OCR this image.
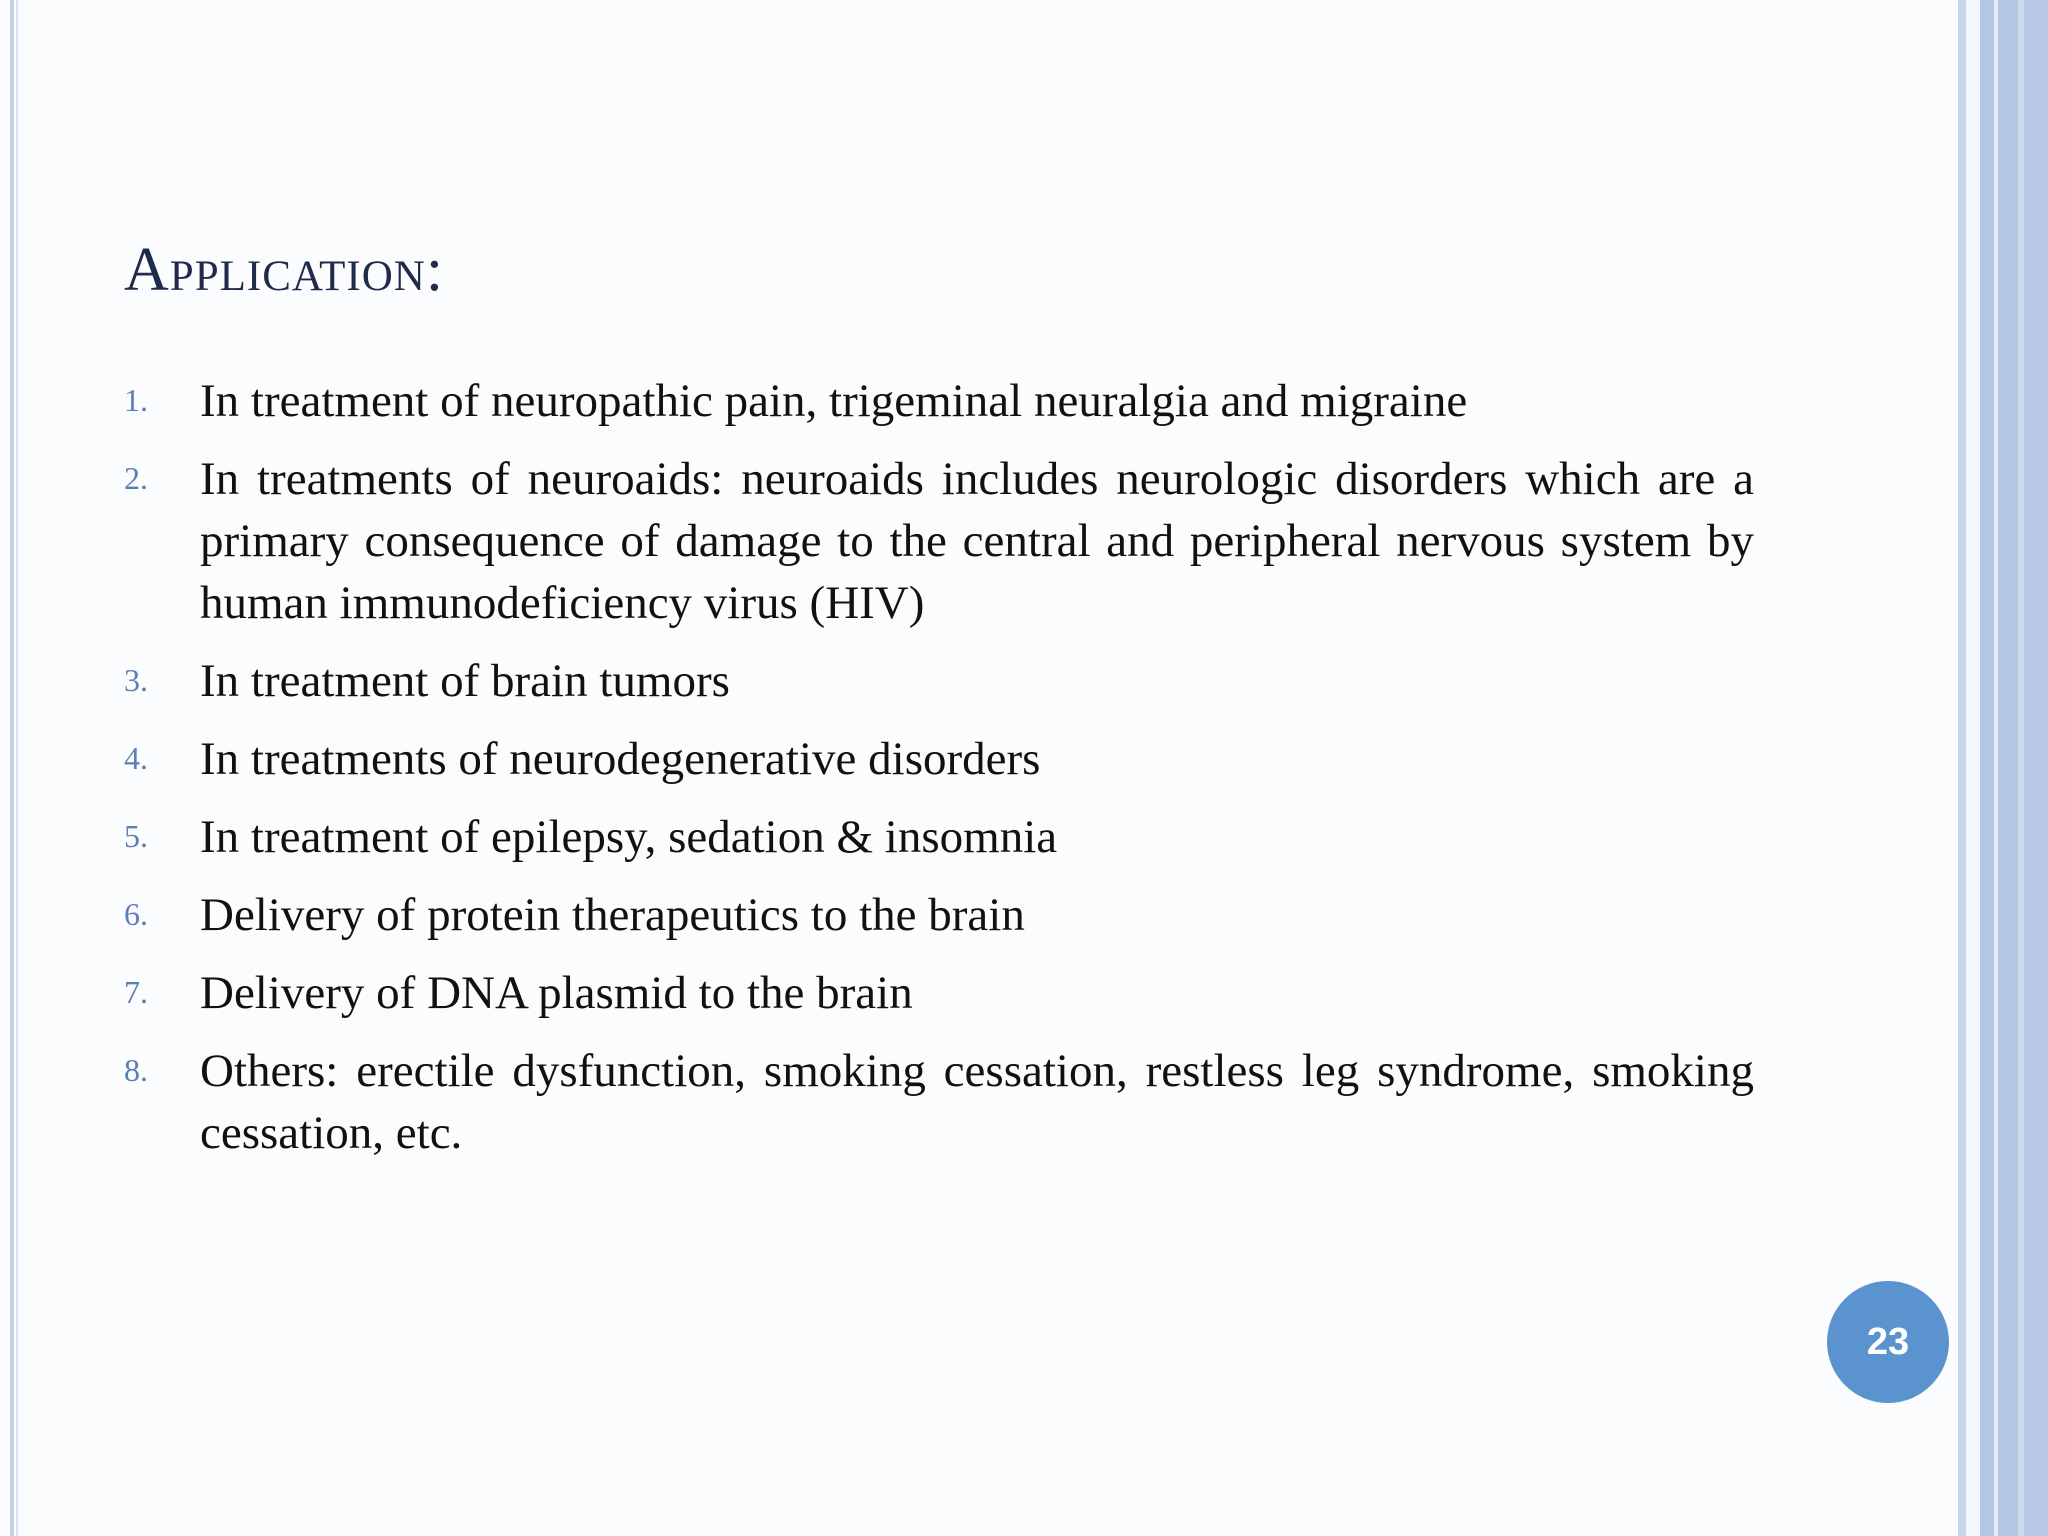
Application:
1. In treatment of neuropathic pain, trigeminal neuralgia and migraine
2. In treatments of neuroaids: neuroaids includes neurologic disorders which are a primary consequence of damage to the central and peripheral nervous system by human immunodeficiency virus (HIV)
3. In treatment of brain tumors
4. In treatments of neurodegenerative disorders
5. In treatment of epilepsy, sedation & insomnia
6. Delivery of protein therapeutics to the brain
7. Delivery of DNA plasmid to the brain
8. Others: erectile dysfunction, smoking cessation, restless leg syndrome, smoking cessation, etc.
23
